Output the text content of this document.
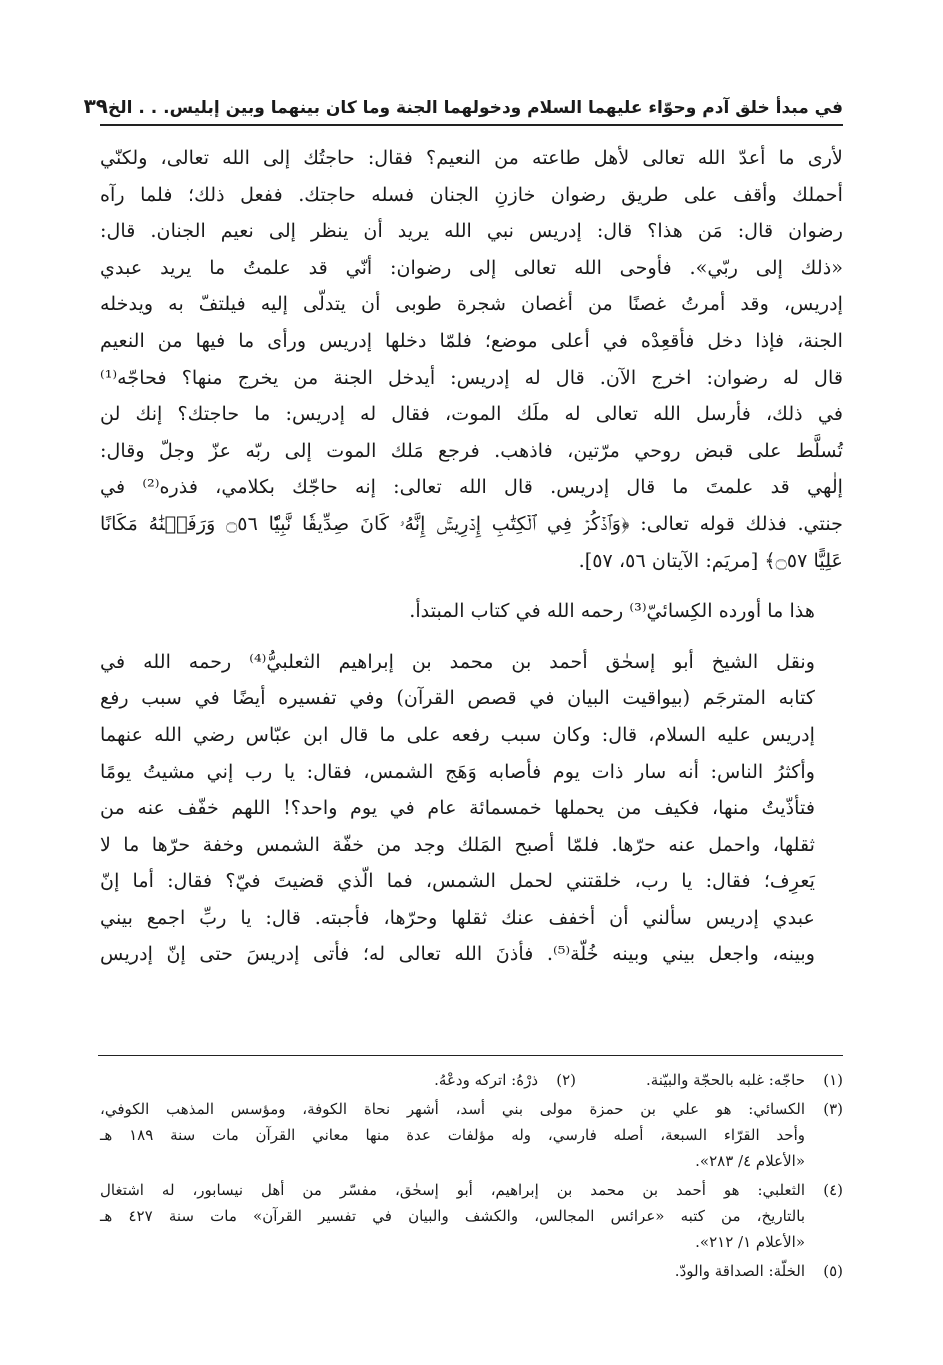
في مبدأ خلق آدم وحوّاء عليهما السلام ودخولهما الجنة وما كان بينهما وبين إبليس. . . الخ
٣٩

لأرى ما أعدّ الله تعالى لأهل طاعته من النعيم؟ فقال: حاجتُك إلى الله تعالى، ولكنّي
أحملك وأقف على طريق رضوان خازنِ الجنان فسله حاجتك. ففعل ذلك؛ فلما رآه
رضوان قال: مَن هذا؟ قال: إدريس نبي الله يريد أن ينظر إلى نعيم الجنان. قال:
«ذلك إلى ربّي». فأوحى الله تعالى إلى رضوان: أنّي قد علمتُ ما يريد عبدي
إدريس، وقد أمرتُ غصنًا من أغصان شجرة طوبى أن يتدلّى إليه فيلتفّ به ويدخله
الجنة، فإذا دخل فأقعِدْه في أعلى موضع؛ فلمّا دخلها إدريس ورأى ما فيها من النعيم
قال له رضوان: اخرج الآن. قال له إدريس: أيدخل الجنة من يخرج منها؟ فحاجّه⁽¹⁾
في ذلك، فأرسل الله تعالى له ملَك الموت، فقال له إدريس: ما حاجتك؟ إنك لن
تُسلَّط على قبض روحي مرّتين، فاذهب. فرجع مَلك الموت إلى ربّه عزّ وجلّ وقال:
إلٰهي قد علمتَ ما قال إدريس. قال الله تعالى: إنه حاجّك بكلامي، فذره⁽²⁾ في
جنتي. فذلك قوله تعالى: ﴿وَٱذۡكُرۡ فِي ٱلۡكِتَٰبِ إِدۡرِيسَۚ إِنَّهُۥ كَانَ صِدِّيقٗا نَّبِيّٗا ۝٥٦ وَرَفَعۡنَٰهُ مَكَانًا
عَلِيًّا ۝٥٧﴾ [مريَم: الآيتان ٥٦، ٥٧].

هذا ما أورده الكِسائيّ⁽³⁾ رحمه الله في كتاب المبتدأ.

ونقل الشيخ أبو إسحٰق أحمد بن محمد بن إبراهيم الثعلبيُّ⁽⁴⁾ رحمه الله في
كتابه المترجَم (بيواقيت البيان في قصص القرآن) وفي تفسيره أيضًا في سبب رفع
إدريس عليه السلام، قال: وكان سبب رفعه على ما قال ابن عبّاس رضي الله عنهما
وأكثرُ الناس: أنه سار ذات يوم فأصابه وَهَج الشمس، فقال: يا رب إني مشيتُ يومًا
فتأذّيتُ منها، فكيف من يحملها خمسمائة عام في يوم واحد؟! اللهم خفّف عنه من
ثقلها، واحمل عنه حرّها. فلمّا أصبح المَلك وجد من خفّة الشمس وخفة حرّها ما لا
يَعرِف؛ فقال: يا رب، خلقتني لحمل الشمس، فما الّذي قضيتَ فيّ؟ فقال: أما إنّ
عبدي إدريس سألني أن أخفف عنك ثقلها وحرّها، فأجبته. قال: يا ربِّ اجمع بيني
وبينه، واجعل بيني وبينه خُلّة⁽⁵⁾. فأذنَ الله تعالى له؛ فأتى إدريسَ حتى إنّ إدريس

(١)
حاجّه: غلبه بالحجّة والبيّنة.
(٢)
ذرْهُ: اتركه ودعْهُ.
(٣)
الكسائي: هو علي بن حمزة مولى بني أسد، أشهر نحاة الكوفة، ومؤسس المذهب الكوفي،
وأحد القرّاء السبعة، أصله فارسي، وله مؤلفات عدة منها معاني القرآن مات سنة ١٨٩ هـ
«الأعلام ٤/ ٢٨٣».
(٤)
الثعلبي: هو أحمد بن محمد بن إبراهيم، أبو إسحٰق، مفسّر من أهل نيسابور، له اشتغال
بالتاريخ، من كتبه «عرائس المجالس، والكشف والبيان في تفسير القرآن» مات سنة ٤٢٧ هـ
«الأعلام ١/ ٢١٢».
(٥)
الخلّة: الصداقة والودّ.
